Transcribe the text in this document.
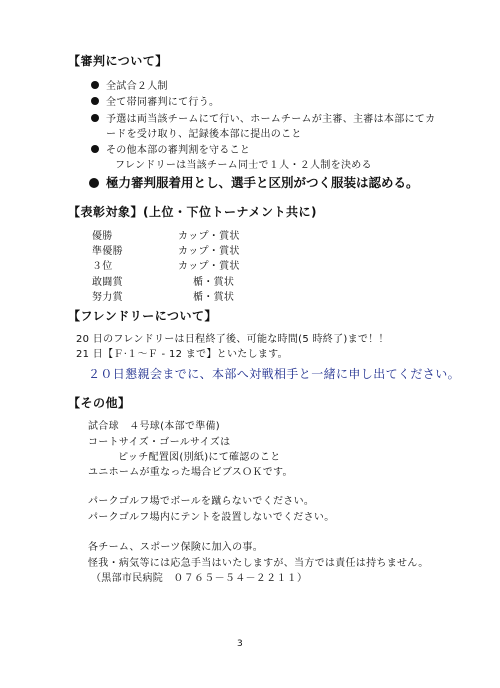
【審判について】
全試合２人制
全て帯同審判にて行う。
予選は両当該チームにて行い、ホームチームが主審、主審は本部にてカ
ードを受け取り、記録後本部に提出のこと
その他本部の審判割を守ること
フレンドリーは当該チーム同士で１人・２人制を決める
極力審判服着用とし、選手と区別がつく服装は認める。
【表彰対象】(上位・下位トーナメント共に)
優勝	カップ・賞状
準優勝	カップ・賞状
３位	カップ・賞状
敢闘賞	楯・賞状
努力賞	楯・賞状
【フレンドリーについて】
20 日のフレンドリーは日程終了後、可能な時間(5 時終了)まで！！
21 日【Ｆ·１～Ｆ - 12 まで】といたします。
２０日懇親会までに、本部へ対戦相手と一緒に申し出てください。
【その他】
試合球　４号球(本部で準備)
コートサイズ・ゴールサイズは
ピッチ配置図(別紙)にて確認のこと
ユニホームが重なった場合ビブスＯＫです。
パークゴルフ場でボールを蹴らないでください。
パークゴルフ場内にテントを設置しないでください。
各チーム、スポーツ保険に加入の事。
怪我・病気等には応急手当はいたしますが、当方では責任は持ちません。
（黒部市民病院　０７６５－５４－２２１１）
3
